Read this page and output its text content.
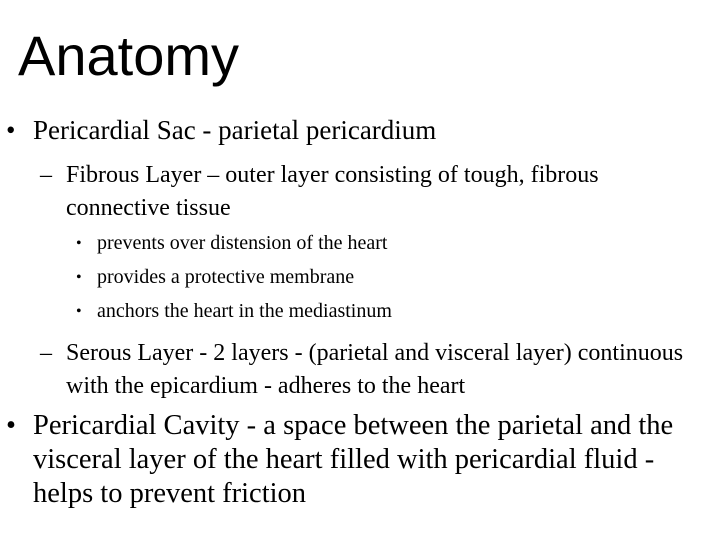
Anatomy
• Pericardial Sac - parietal pericardium
– Fibrous Layer – outer layer consisting of tough, fibrous connective tissue
• prevents over distension of the heart
• provides a protective membrane
• anchors the heart in the mediastinum
– Serous Layer - 2 layers - (parietal and visceral layer) continuous with the epicardium - adheres to the heart
• Pericardial Cavity - a space between the parietal and the visceral layer of the heart filled with pericardial fluid - helps to prevent friction
